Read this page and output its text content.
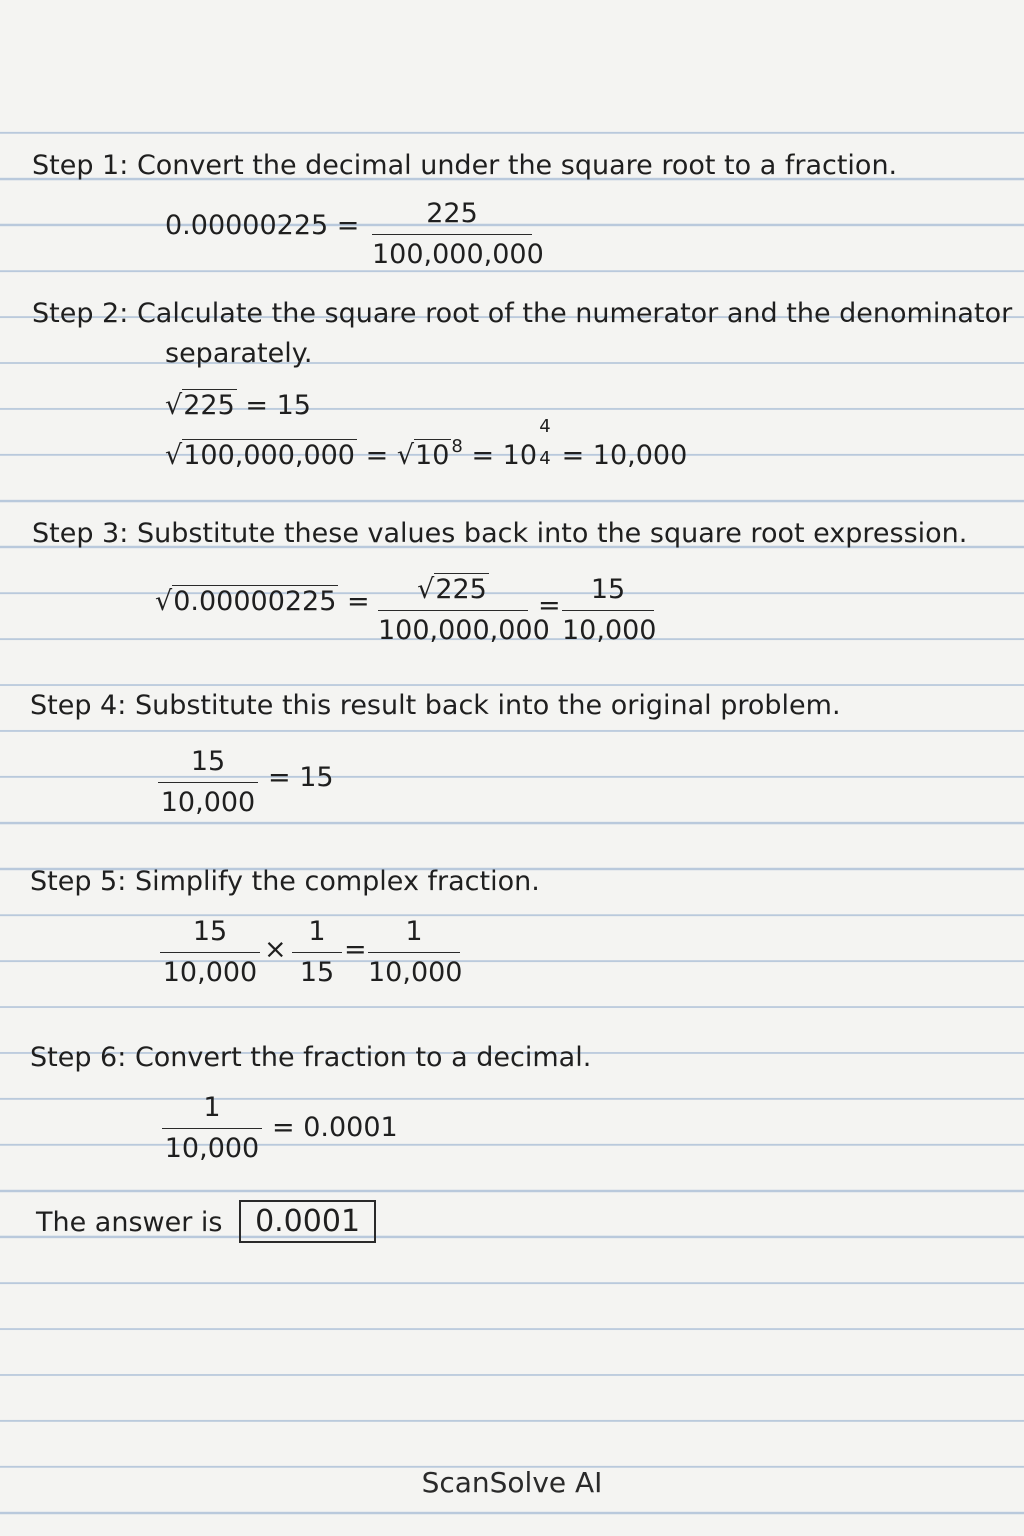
Step 1: Convert the decimal under the square root to a fraction.
0.00000225 =	225
100,000,000
Step 2: Calculate the square root of the numerator and the denominator
separately.
√225 = 15
√100,000,000 = √10 $^8$ = 10
4
4 = 10,000
Step 3: Substitute these values back into the square root expression.
√0.00000225 =	√225
100,000,000
=
15
10,000
Step 4: Substitute this result back into the original problem.
15
10,000
= 15
Step 5: Simplify the complex fraction.
15
10,000
×
1
15
=
1
10,000
Step 6: Convert the fraction to a decimal.
1
10,000
= 0.0001
The answer is 0.0001
ScanSolve AI
